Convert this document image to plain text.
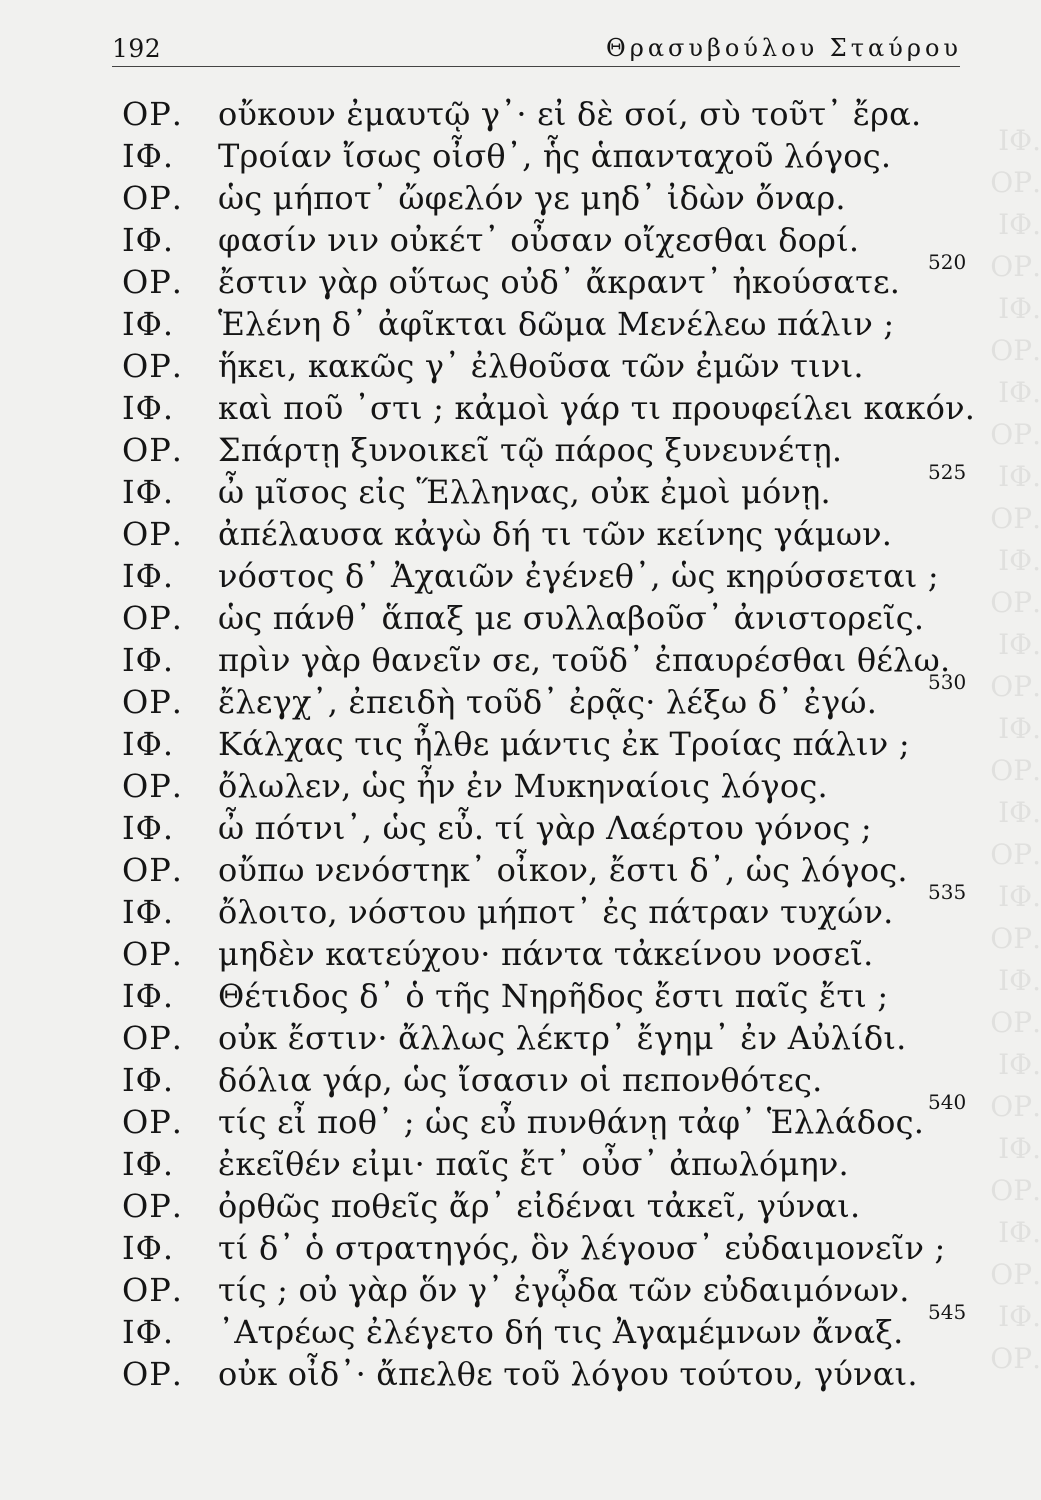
192	Θρασυβούλου Σταύρου
ΙΦ.
ΟΡ.
ΙΦ.
ΟΡ.
ΙΦ.
ΟΡ.
ΙΦ.
ΟΡ.
ΙΦ.
ΟΡ.
ΙΦ.
ΟΡ.
ΙΦ.
ΟΡ.
ΙΦ.
ΟΡ.
ΙΦ.
ΟΡ.
ΙΦ.
ΟΡ.
ΙΦ.
ΟΡ.
ΙΦ.
ΟΡ.
ΙΦ.
ΟΡ.
ΙΦ.
ΟΡ.
ΙΦ.
ΟΡ.
ΟΡ.	οὔκουν ἐμαυτῷ γ᾽· εἰ δὲ σοί, σὺ τοῦτ᾽ ἔρα.
ΙΦ.	Τροίαν ἴσως οἶσθ᾽, ἧς ἁπανταχοῦ λόγος.
ΟΡ.	ὡς μήποτ᾽ ὤφελόν γε μηδ᾽ ἰδὼν ὄναρ.
ΙΦ.	φασίν νιν οὐκέτ᾽ οὖσαν οἴχεσθαι δορί.
ΟΡ.	ἔστιν γὰρ οὕτως οὐδ᾽ ἄκραντ᾽ ἠκούσατε.
520
ΙΦ.	Ἑλένη δ᾽ ἀφῖκται δῶμα Μενέλεω πάλιν ;
ΟΡ.	ἥκει, κακῶς γ᾽ ἐλθοῦσα τῶν ἐμῶν τινι.
ΙΦ.	καὶ ποῦ ᾽στι ; κἀμοὶ γάρ τι προυφείλει κακόν.
ΟΡ.	Σπάρτῃ ξυνοικεῖ τῷ πάρος ξυνευνέτῃ.
ΙΦ.	ὦ μῖσος εἰς Ἕλληνας, οὐκ ἐμοὶ μόνῃ.
525
ΟΡ.	ἀπέλαυσα κἀγὼ δή τι τῶν κείνης γάμων.
ΙΦ.	νόστος δ᾽ Ἀχαιῶν ἐγένεθ᾽, ὡς κηρύσσεται ;
ΟΡ.	ὡς πάνθ᾽ ἅπαξ με συλλαβοῦσ᾽ ἀνιστορεῖς.
ΙΦ.	πρὶν γὰρ θανεῖν σε, τοῦδ᾽ ἐπαυρέσθαι θέλω.
ΟΡ.	ἔλεγχ᾽, ἐπειδὴ τοῦδ᾽ ἐρᾷς· λέξω δ᾽ ἐγώ.
530
ΙΦ.	Κάλχας τις ἦλθε μάντις ἐκ Τροίας πάλιν ;
ΟΡ.	ὄλωλεν, ὡς ἦν ἐν Μυκηναίοις λόγος.
ΙΦ.	ὦ πότνι᾽, ὡς εὖ. τί γὰρ Λαέρτου γόνος ;
ΟΡ.	οὔπω νενόστηκ᾽ οἶκον, ἔστι δ᾽, ὡς λόγος.
ΙΦ.	ὄλοιτο, νόστου μήποτ᾽ ἐς πάτραν τυχών.
535
ΟΡ.	μηδὲν κατεύχου· πάντα τἀκείνου νοσεῖ.
ΙΦ.	Θέτιδος δ᾽ ὁ τῆς Νηρῆδος ἔστι παῖς ἔτι ;
ΟΡ.	οὐκ ἔστιν· ἄλλως λέκτρ᾽ ἔγημ᾽ ἐν Αὐλίδι.
ΙΦ.	δόλια γάρ, ὡς ἴσασιν οἱ πεπονθότες.
ΟΡ.	τίς εἶ ποθ᾽ ; ὡς εὖ πυνθάνῃ τἀφ᾽ Ἑλλάδος.
540
ΙΦ.	ἐκεῖθέν εἰμι· παῖς ἔτ᾽ οὖσ᾽ ἀπωλόμην.
ΟΡ.	ὀρθῶς ποθεῖς ἄρ᾽ εἰδέναι τἀκεῖ, γύναι.
ΙΦ.	τί δ᾽ ὁ στρατηγός, ὃν λέγουσ᾽ εὐδαιμονεῖν ;
ΟΡ.	τίς ; οὐ γὰρ ὅν γ᾽ ἐγᾦδα τῶν εὐδαιμόνων.
ΙΦ.	᾽Ατρέως ἐλέγετο δή τις Ἀγαμέμνων ἄναξ.
545
ΟΡ.	οὐκ οἶδ᾽· ἄπελθε τοῦ λόγου τούτου, γύναι.
